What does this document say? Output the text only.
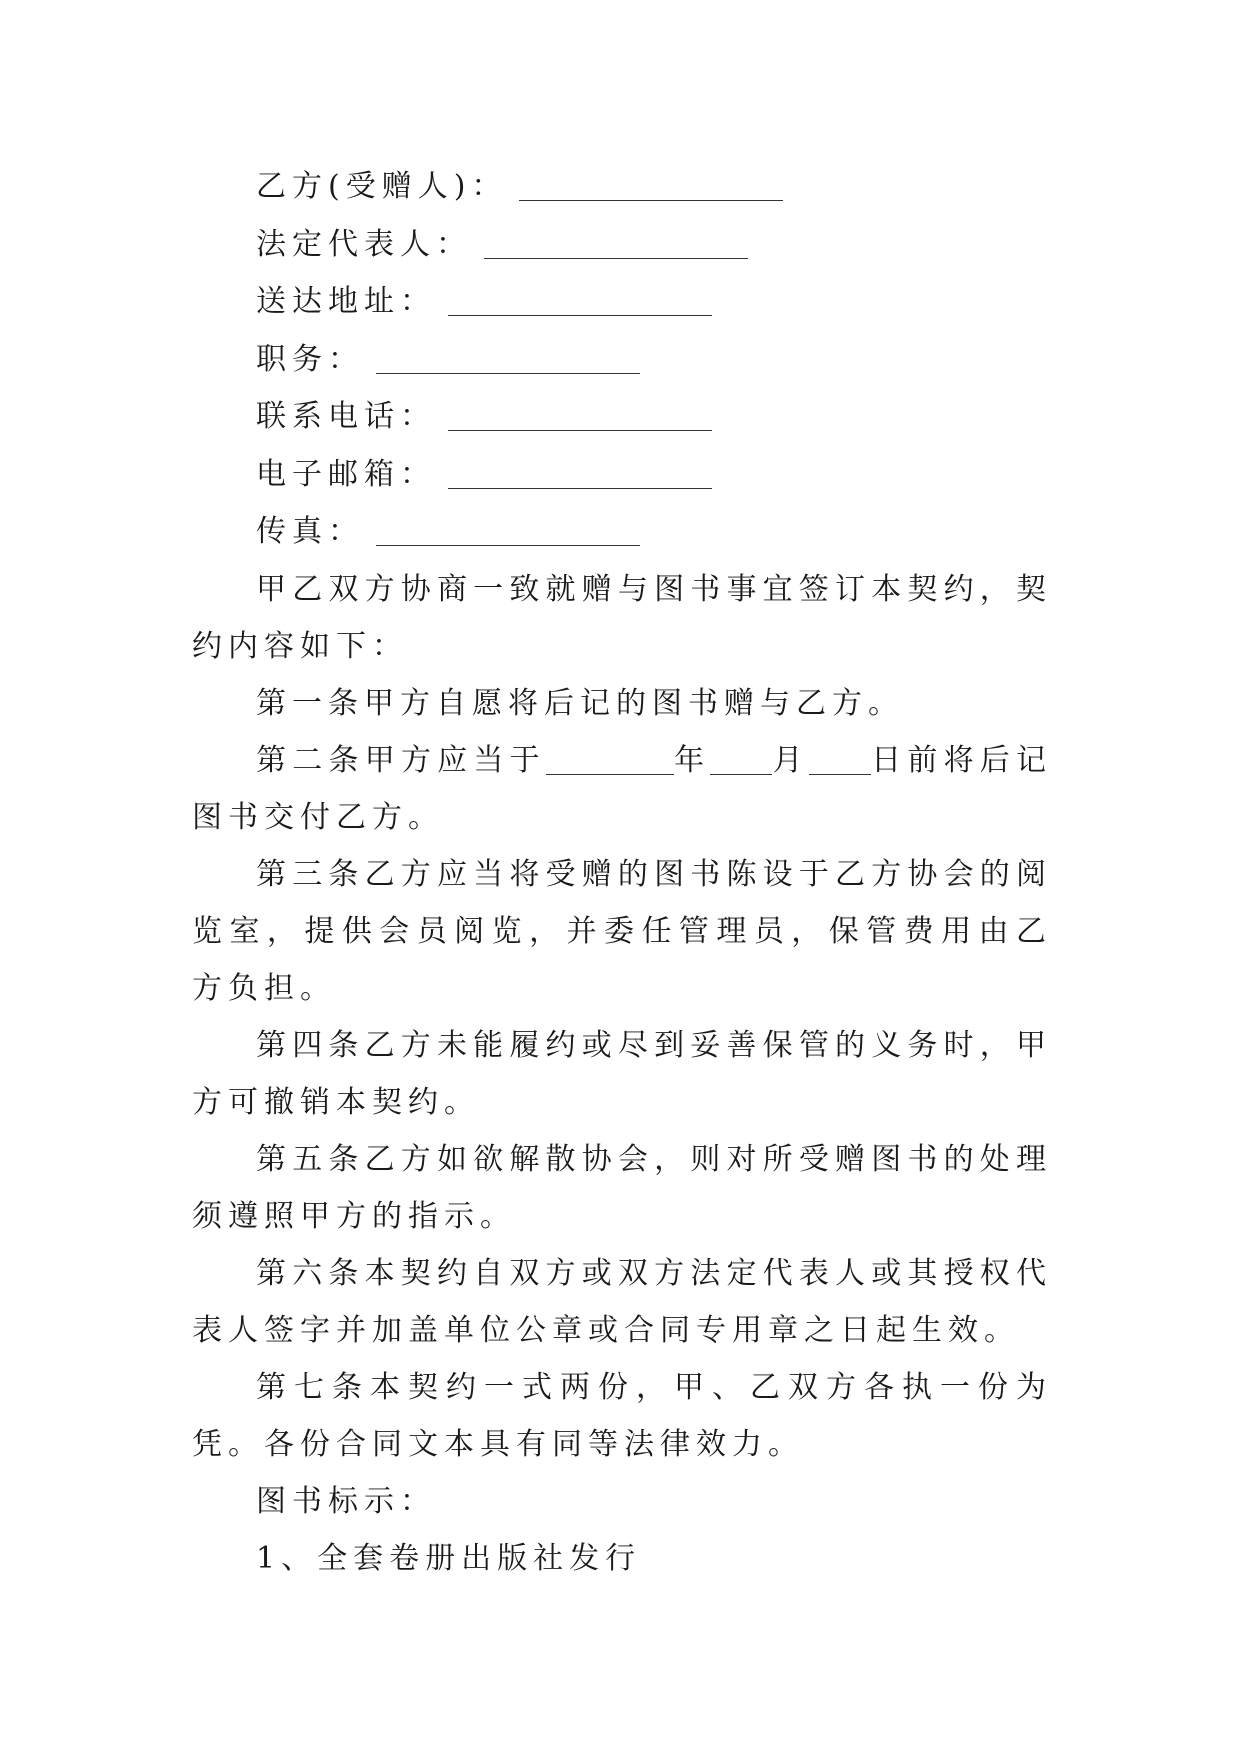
乙方(受赠人)：
法定代表人：
送达地址：
职务：
联系电话：
电子邮箱：
传真：

甲乙双方协商一致就赠与图书事宜签订本契约，契约内容如下：

第一条甲方自愿将后记的图书赠与乙方。

第二条甲方应当于	年 月 日前将后记图书交付乙方。

第三条乙方应当将受赠的图书陈设于乙方协会的阅览室，提供会员阅览，并委任管理员，保管费用由乙方负担。

第四条乙方未能履约或尽到妥善保管的义务时，甲方可撤销本契约。

第五条乙方如欲解散协会，则对所受赠图书的处理须遵照甲方的指示。

第六条本契约自双方或双方法定代表人或其授权代表人签字并加盖单位公章或合同专用章之日起生效。

第七条本契约一式两份，甲、乙双方各执一份为凭。各份合同文本具有同等法律效力。

图书标示：

1、全套卷册出版社发行
